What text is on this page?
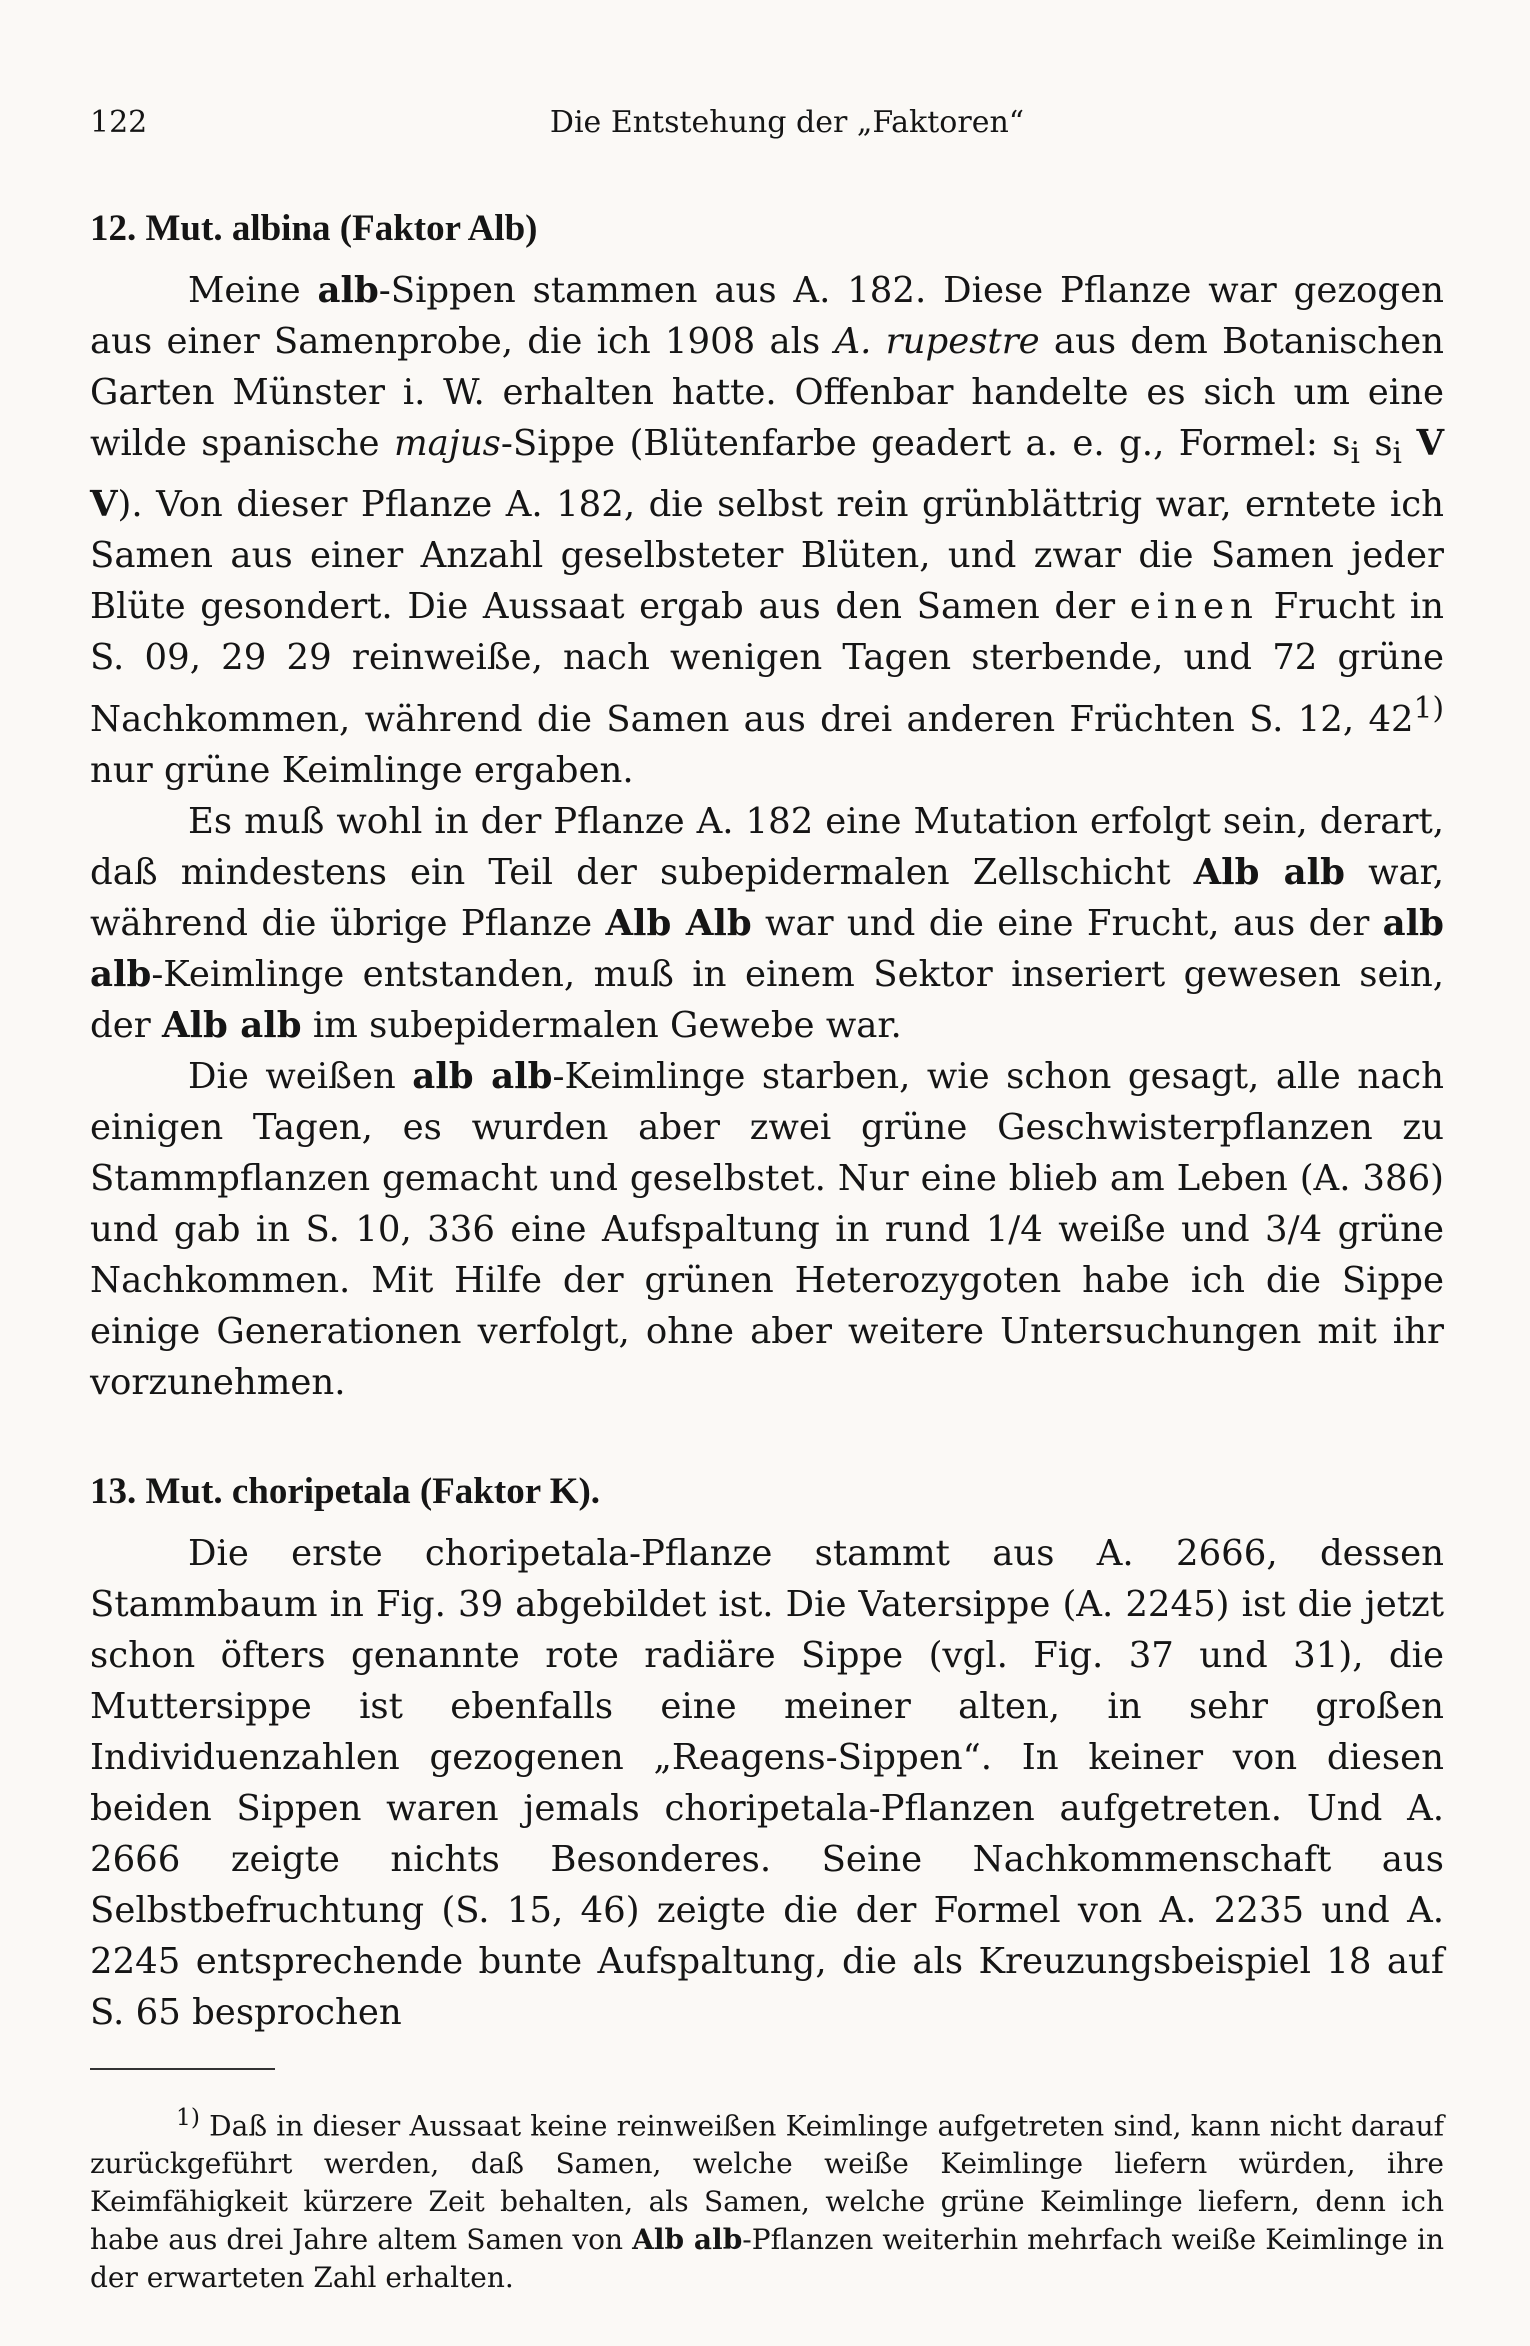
122	Die Entstehung der „Faktoren“
12. Mut. albina (Faktor Alb)

Meine alb-Sippen stammen aus A. 182. Diese Pflanze war gezogen aus einer Samenprobe, die ich 1908 als A. rupestre aus dem Botanischen Garten Münster i. W. erhalten hatte. Offenbar handelte es sich um eine wilde spanische majus-Sippe (Blütenfarbe geadert a. e. g., Formel: $s_i$ $s_i$ V V). Von dieser Pflanze A. 182, die selbst rein grünblättrig war, erntete ich Samen aus einer Anzahl geselbsteter Blüten, und zwar die Samen jeder Blüte gesondert. Die Aussaat ergab aus den Samen der einen Frucht in S. 09, 29 29 reinweiße, nach wenigen Tagen sterbende, und 72 grüne Nachkommen, während die Samen aus drei anderen Früchten S. 12, 42$^{1)}$ nur grüne Keimlinge ergaben.

Es muß wohl in der Pflanze A. 182 eine Mutation erfolgt sein, derart, daß mindestens ein Teil der subepidermalen Zellschicht Alb alb war, während die übrige Pflanze Alb Alb war und die eine Frucht, aus der alb alb-Keimlinge entstanden, muß in einem Sektor inseriert gewesen sein, der Alb alb im subepidermalen Gewebe war.

Die weißen alb alb-Keimlinge starben, wie schon gesagt, alle nach einigen Tagen, es wurden aber zwei grüne Geschwisterpflanzen zu Stammpflanzen gemacht und geselbstet. Nur eine blieb am Leben (A. 386) und gab in S. 10, 336 eine Aufspaltung in rund 1/4 weiße und 3/4 grüne Nachkommen. Mit Hilfe der grünen Heterozygoten habe ich die Sippe einige Generationen verfolgt, ohne aber weitere Untersuchungen mit ihr vorzunehmen.

13. Mut. choripetala (Faktor K).

Die erste choripetala-Pflanze stammt aus A. 2666, dessen Stammbaum in Fig. 39 abgebildet ist. Die Vatersippe (A. 2245) ist die jetzt schon öfters genannte rote radiäre Sippe (vgl. Fig. 37 und 31), die Muttersippe ist ebenfalls eine meiner alten, in sehr großen Individuenzahlen gezogenen „Reagens-Sippen“. In keiner von diesen beiden Sippen waren jemals choripetala-Pflanzen aufgetreten. Und A. 2666 zeigte nichts Besonderes. Seine Nachkommenschaft aus Selbstbefruchtung (S. 15, 46) zeigte die der Formel von A. 2235 und A. 2245 entsprechende bunte Aufspaltung, die als Kreuzungsbeispiel 18 auf S. 65 besprochen

$^{1)}$ Daß in dieser Aussaat keine reinweißen Keimlinge aufgetreten sind, kann nicht darauf zurückgeführt werden, daß Samen, welche weiße Keimlinge liefern würden, ihre Keimfähigkeit kürzere Zeit behalten, als Samen, welche grüne Keimlinge liefern, denn ich habe aus drei Jahre altem Samen von Alb alb-Pflanzen weiterhin mehrfach weiße Keimlinge in der erwarteten Zahl erhalten.
